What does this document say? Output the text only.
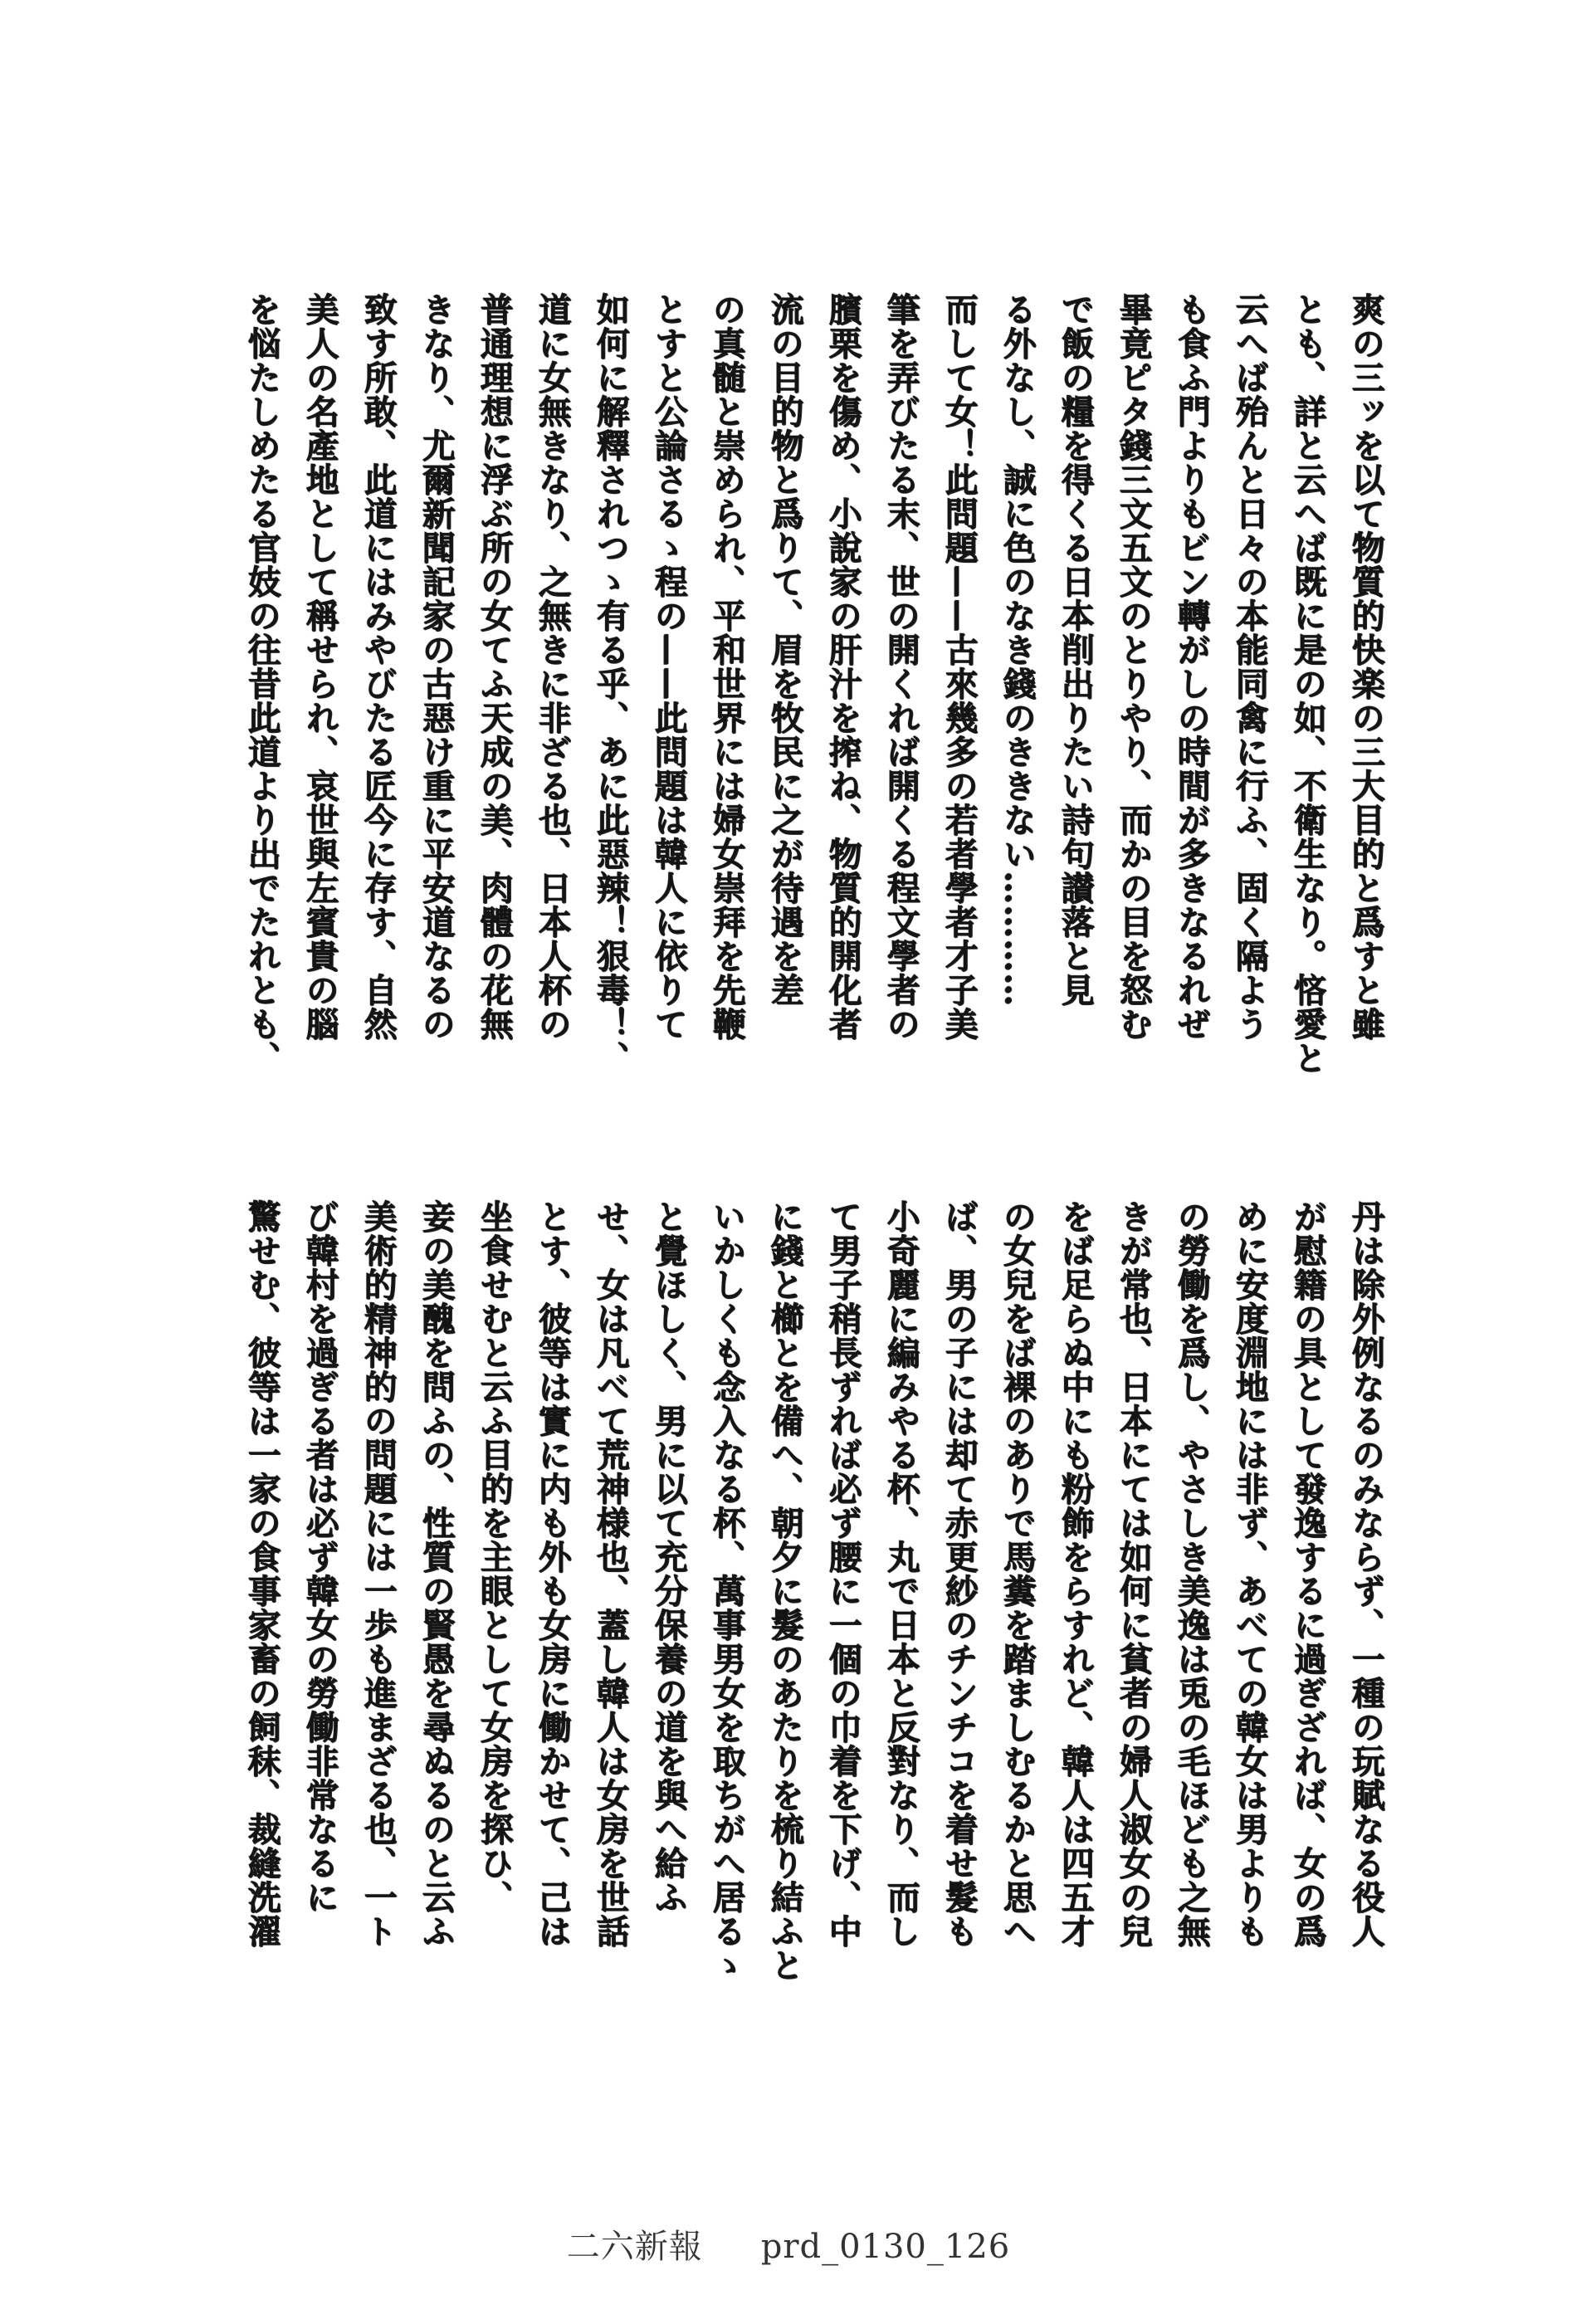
爽の三ッを以て物質的快楽の三大目的と爲すと雖
とも、詳と云へば既に是の如、不衛生なり。悋愛と
云へば殆んと日々の本能同禽に行ふ、固く隔よう
も食ふ門よりもビン轉がしの時間が多きなるれぜ
畢竟ピタ錢三文五文のとりやり、而かの目を怒む
で飯の糧を得くる日本削出りたい詩句讃落と見
る外なし、誠に色のなき錢のききない…………
而して女！此問題——古來幾多の若者學者才子美
筆を弄びたる末、世の開くれば開くる程文學者の
臏栗を傷め、小說家の肝汁を搾ね、物質的開化者
流の目的物と爲りて、眉を牧民に之が待遇を差
の真髄と崇められ、平和世界には婦女崇拜を先鞭
とすと公論さるゝ程の——此問題は韓人に依りて
如何に解釋されつゝ有る乎、あに此惡辣！狠毒！、
道に女無きなり、之無きに非ざる也、日本人杯の
普通理想に浮ぶ所の女てふ天成の美、肉體の花無
きなり、尤爾新聞記家の古惡け重に平安道なるの
致す所敢、此道にはみやびたる匠今に存す、自然
美人の名產地として稱せられ、哀世與左賓貴の腦
を悩たしめたる官妓の往昔此道より出でたれとも、
丹は除外例なるのみならず、一種の玩賦なる役人
が慰籍の具として發逸するに過ぎざれば、女の爲
めに安度淵地には非ず、あべての韓女は男よりも
の勞働を爲し、やさしき美逸は兎の毛ほども之無
きが常也、日本にては如何に貧者の婦人淑女の兒
をば足らぬ中にも粉飾をらすれど、韓人は四五才
の女兒をば裸のありで馬糞を踏ましむるかと思へ
ば、男の子には却て赤更紗のチンチコを着せ髮も
小奇麗に編みやる杯、丸で日本と反對なり、而し
て男子稍長ずれば必ず腰に一個の巾着を下げ、中
に錢と櫛とを備へ、朝夕に髮のあたりを梳り結ふと
いかしくも念入なる杯、萬事男女を取ちがへ居るゝ
と覺ほしく、男に以て充分保養の道を與へ給ふ
せ、女は凡べて荒神様也、蓋し韓人は女房を世話
とす、彼等は實に内も外も女房に働かせて、己は
坐食せむと云ふ目的を主眼として女房を探ひ、
妾の美醜を問ふの、性質の賢愚を尋ぬるのと云ふ
美術的精神的の問題には一歩も進まざる也、一ト
び韓村を過ぎる者は必ず韓女の勞働非常なるに
驚せむ、彼等は一家の食事家畜の飼秣、裁縫洗濯
二六新報 prd_0130_126
